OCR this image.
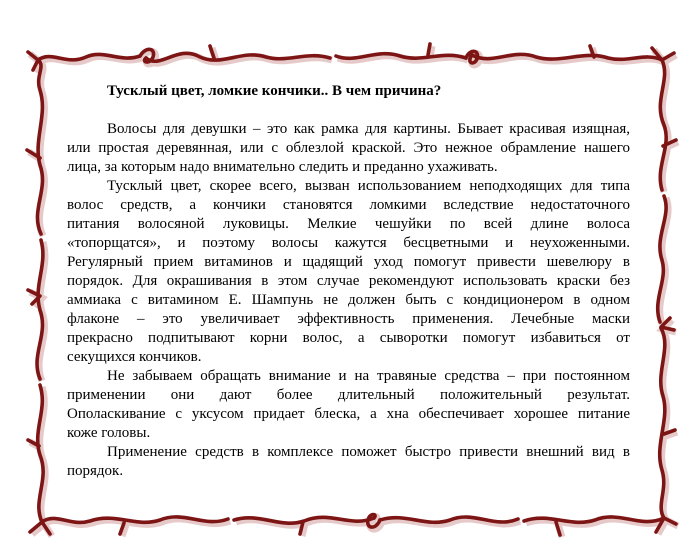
Тусклый цвет, ломкие кончики.. В чем причина?
Волосы для девушки – это как рамка для картины. Бывает красивая изящная,
или простая деревянная, или с облезлой краской. Это нежное обрамление нашего
лица, за которым надо внимательно следить и преданно ухаживать.
Тусклый цвет, скорее всего, вызван использованием неподходящих для типа
волос средств, а кончики становятся ломкими вследствие недостаточного
питания волосяной луковицы. Мелкие чешуйки по всей длине волоса
«топорщатся», и поэтому волосы кажутся бесцветными и неухоженными.
Регулярный прием витаминов и щадящий уход помогут привести шевелюру в
порядок. Для окрашивания в этом случае рекомендуют использовать краски без
аммиака с витамином Е. Шампунь не должен быть с кондиционером в одном
флаконе – это увеличивает эффективность применения. Лечебные маски
прекрасно подпитывают корни волос, а сыворотки помогут избавиться от
секущихся кончиков.
Не забываем обращать внимание и на травяные средства – при постоянном
применении они дают более длительный положительный результат.
Ополаскивание с уксусом придает блеска, а хна обеспечивает хорошее питание
коже головы.
Применение средств в комплексе поможет быстро привести внешний вид в
порядок.
